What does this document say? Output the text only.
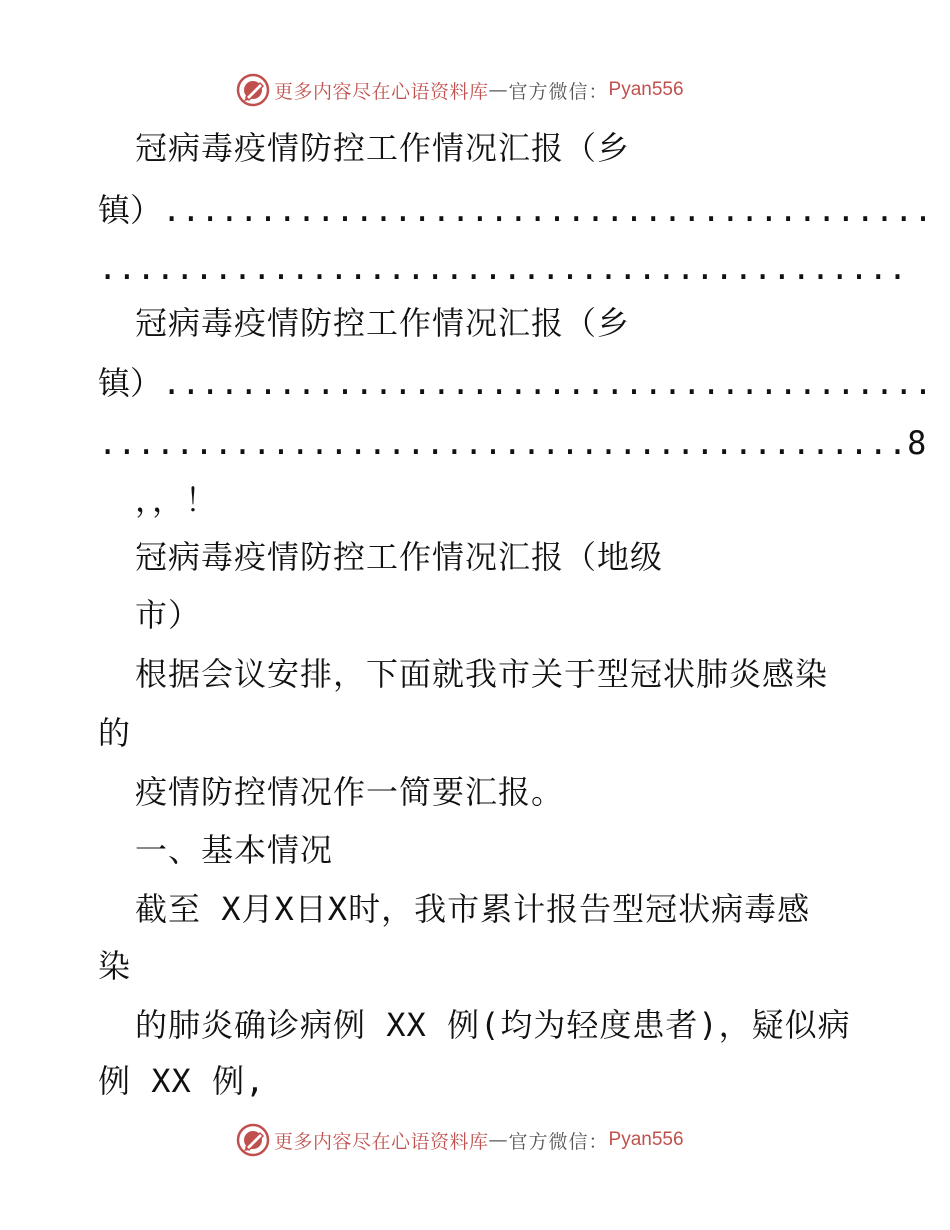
更多内容尽在心语资料库 — 官方微信： Pyan556
冠病毒疫情防控工作情况汇报（乡
镇）........................................
..........................................
冠病毒疫情防控工作情况汇报（乡
镇）........................................
..........................................8
，，！
冠病毒疫情防控工作情况汇报（地级
市）
根据会议安排，下面就我市关于型冠状肺炎感染
的
疫情防控情况作一简要汇报。
一、基本情况
截至 X月X日X时，我市累计报告型冠状病毒感
染
的肺炎确诊病例 XX 例(均为轻度患者)，疑似病
例 XX 例,
更多内容尽在心语资料库 — 官方微信： Pyan556
